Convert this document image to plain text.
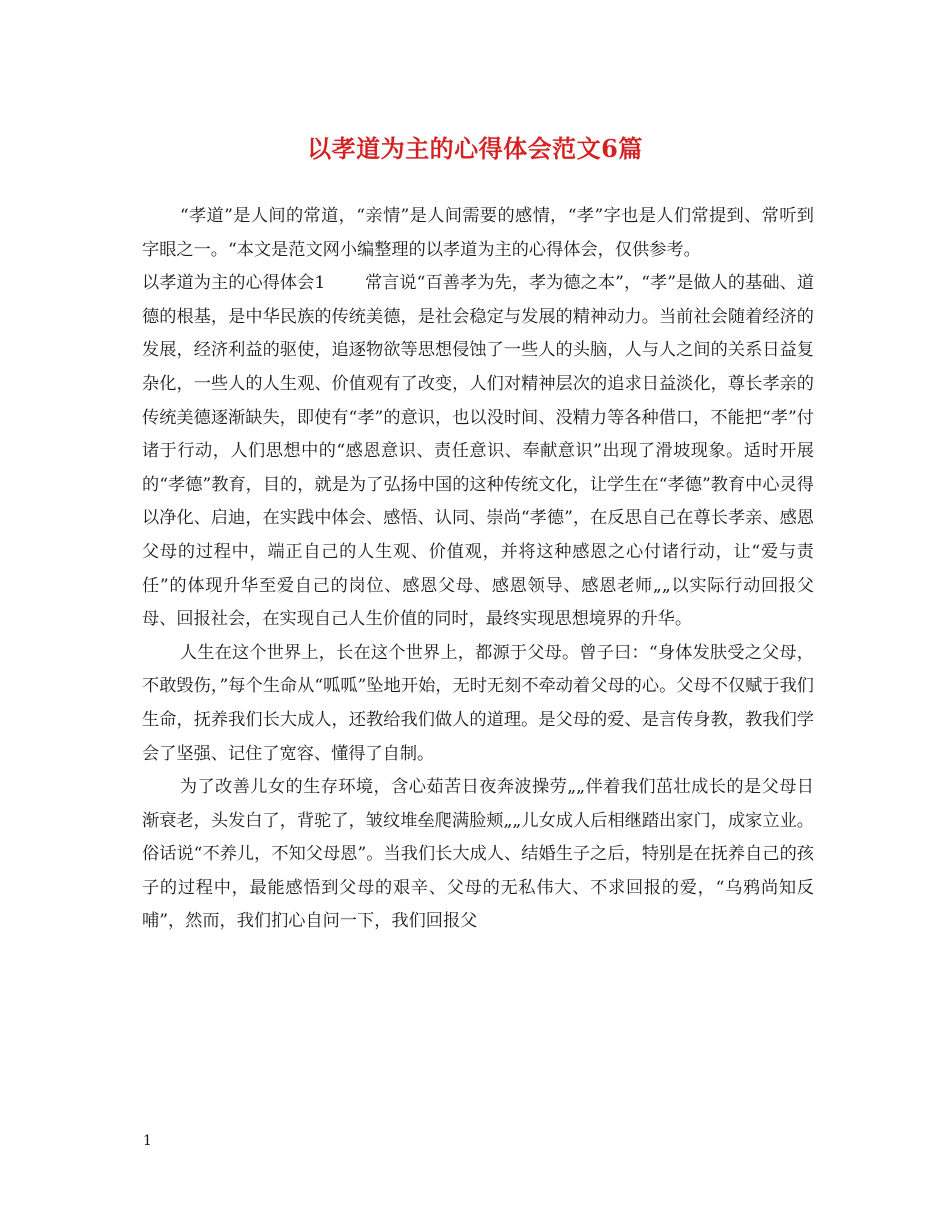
以孝道为主的心得体会范文6篇

“孝道”是人间的常道，“亲情”是人间需要的感情，“孝”字也是人们常提到、常听到字眼之一。“本文是范文网小编整理的以孝道为主的心得体会，仅供参考。

以孝道为主的心得体会1 常言说“百善孝为先，孝为德之本”，“孝”是做人的基础、道德的根基，是中华民族的传统美德，是社会稳定与发展的精神动力。当前社会随着经济的发展，经济利益的驱使，追逐物欲等思想侵蚀了一些人的头脑，人与人之间的关系日益复杂化，一些人的人生观、价值观有了改变，人们对精神层次的追求日益淡化，尊长孝亲的传统美德逐渐缺失，即使有“孝”的意识，也以没时间、没精力等各种借口，不能把“孝”付诸于行动，人们思想中的“感恩意识、责任意识、奉献意识”出现了滑坡现象。适时开展的“孝德”教育，目的，就是为了弘扬中国的这种传统文化，让学生在“孝德”教育中心灵得以净化、启迪，在实践中体会、感悟、认同、崇尚“孝德”，在反思自己在尊长孝亲、感恩父母的过程中，端正自己的人生观、价值观，并将这种感恩之心付诸行动，让“爱与责任”的体现升华至爱自己的岗位、感恩父母、感恩领导、感恩老师„„以实际行动回报父母、回报社会，在实现自己人生价值的同时，最终实现思想境界的升华。

人生在这个世界上，长在这个世界上，都源于父母。曾子曰：“身体发肤受之父母，不敢毁伤，”每个生命从“呱呱”坠地开始，无时无刻不牵动着父母的心。父母不仅赋于我们生命，抚养我们长大成人，还教给我们做人的道理。是父母的爱、是言传身教，教我们学会了坚强、记住了宽容、懂得了自制。

为了改善儿女的生存环境，含心茹苦日夜奔波操劳„„伴着我们茁壮成长的是父母日渐衰老，头发白了，背驼了，皱纹堆垒爬满脸颊„„儿女成人后相继踏出家门，成家立业。俗话说“不养儿，不知父母恩”。当我们长大成人、结婚生子之后，特别是在抚养自己的孩子的过程中，最能感悟到父母的艰辛、父母的无私伟大、不求回报的爱，“乌鸦尚知反哺”，然而，我们扪心自问一下，我们回报父

1
